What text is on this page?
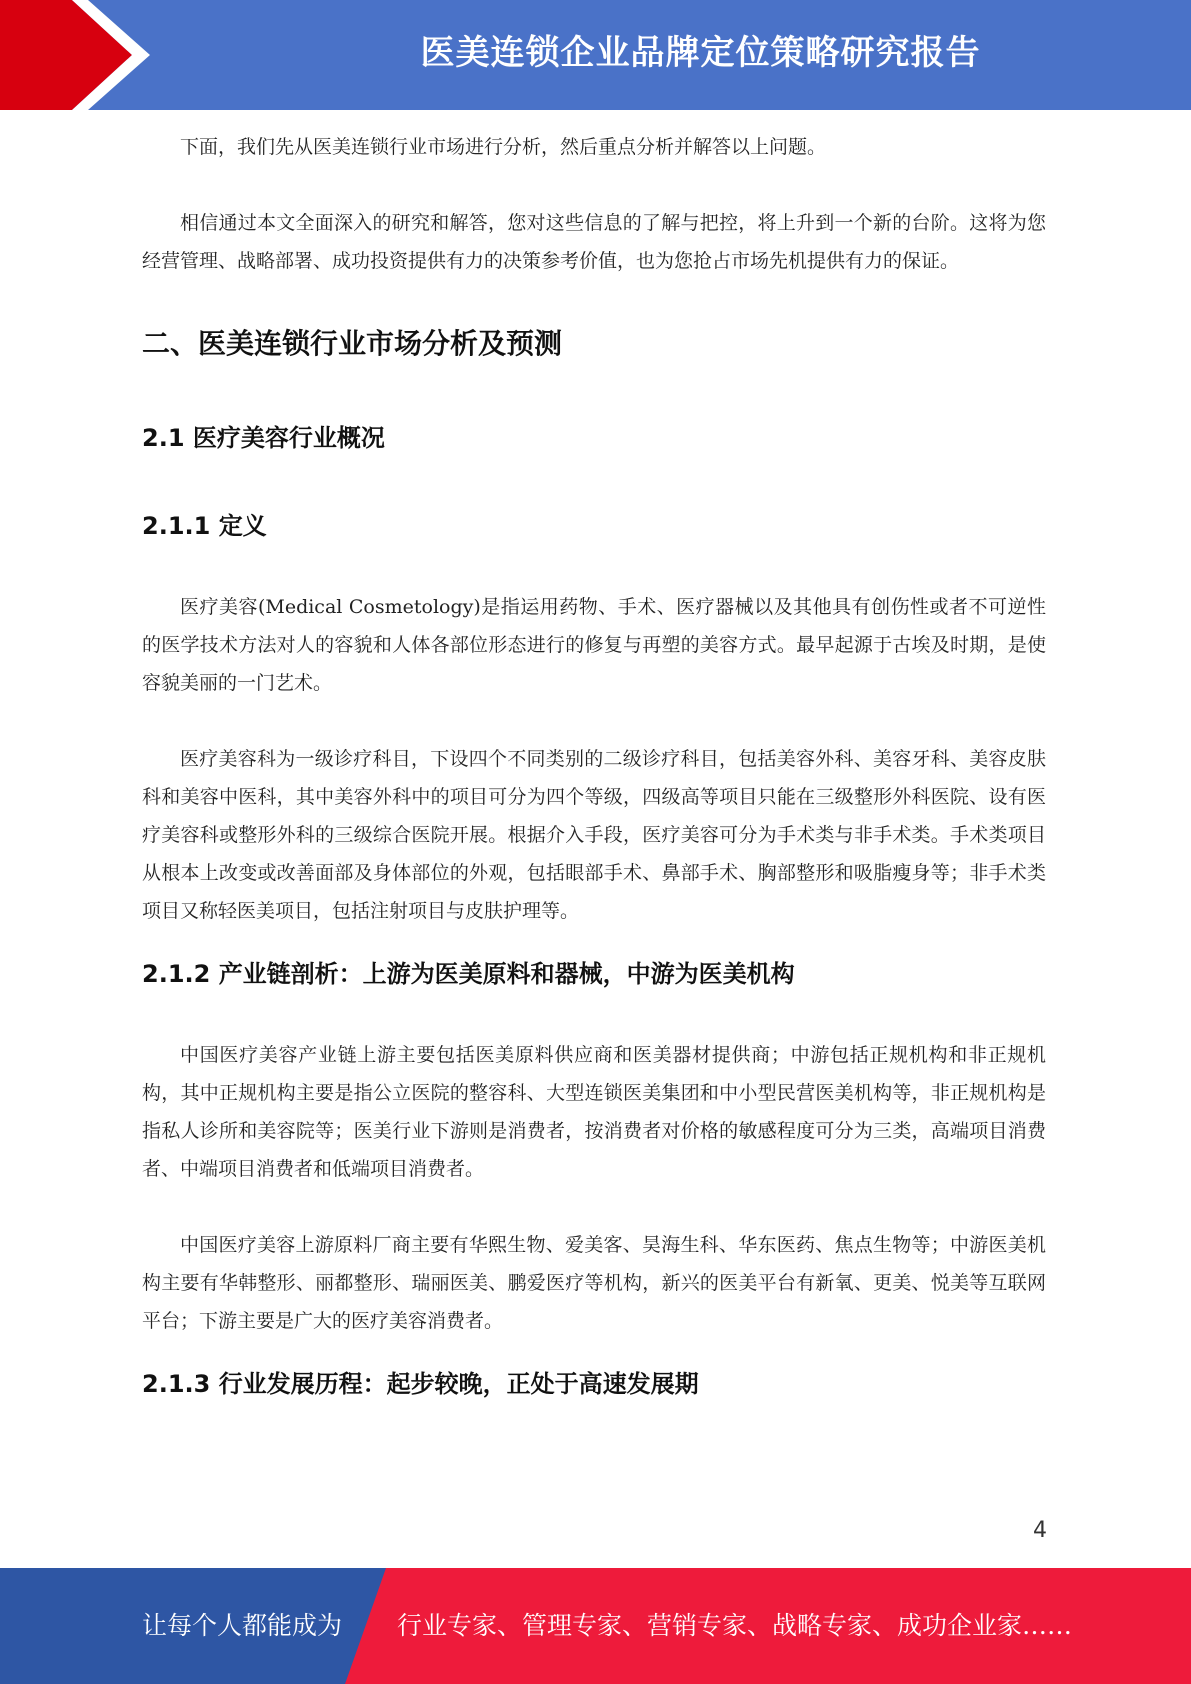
医美连锁企业品牌定位策略研究报告

下面，我们先从医美连锁行业市场进行分析，然后重点分析并解答以上问题。

相信通过本文全面深入的研究和解答，您对这些信息的了解与把控，将上升到一个新的台阶。这将为您经营管理、战略部署、成功投资提供有力的决策参考价值，也为您抢占市场先机提供有力的保证。

二、医美连锁行业市场分析及预测
2.1 医疗美容行业概况
2.1.1 定义

医疗美容(Medical Cosmetology)是指运用药物、手术、医疗器械以及其他具有创伤性或者不可逆性的医学技术方法对人的容貌和人体各部位形态进行的修复与再塑的美容方式。最早起源于古埃及时期，是使容貌美丽的一门艺术。

医疗美容科为一级诊疗科目，下设四个不同类别的二级诊疗科目，包括美容外科、美容牙科、美容皮肤科和美容中医科，其中美容外科中的项目可分为四个等级，四级高等项目只能在三级整形外科医院、设有医疗美容科或整形外科的三级综合医院开展。根据介入手段，医疗美容可分为手术类与非手术类。手术类项目从根本上改变或改善面部及身体部位的外观，包括眼部手术、鼻部手术、胸部整形和吸脂瘦身等；非手术类项目又称轻医美项目，包括注射项目与皮肤护理等。

2.1.2 产业链剖析：上游为医美原料和器械，中游为医美机构

中国医疗美容产业链上游主要包括医美原料供应商和医美器材提供商；中游包括正规机构和非正规机构，其中正规机构主要是指公立医院的整容科、大型连锁医美集团和中小型民营医美机构等，非正规机构是指私人诊所和美容院等；医美行业下游则是消费者，按消费者对价格的敏感程度可分为三类，高端项目消费者、中端项目消费者和低端项目消费者。

中国医疗美容上游原料厂商主要有华熙生物、爱美客、昊海生科、华东医药、焦点生物等；中游医美机构主要有华韩整形、丽都整形、瑞丽医美、鹏爱医疗等机构，新兴的医美平台有新氧、更美、悦美等互联网平台；下游主要是广大的医疗美容消费者。

2.1.3 行业发展历程：起步较晚，正处于高速发展期
4
让每个人都能成为 行业专家、管理专家、营销专家、战略专家、成功企业家……
